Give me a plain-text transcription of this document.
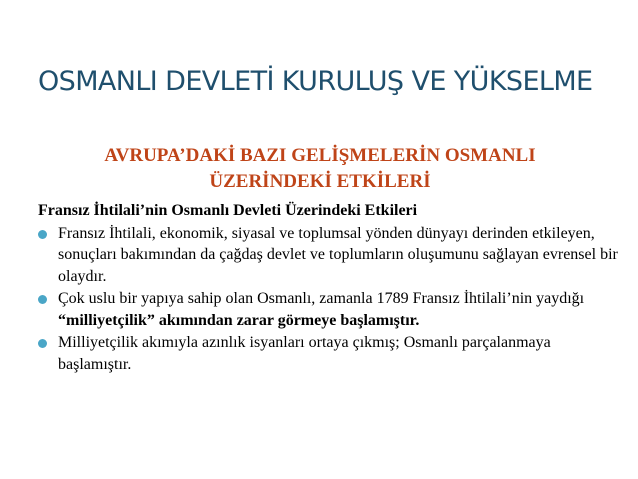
OSMANLI DEVLETİ KURULUŞ VE YÜKSELME
AVRUPA’DAKİ BAZI GELİŞMELERİN OSMANLI
ÜZERİNDEKİ ETKİLERİ

Fransız İhtilali’nin Osmanlı Devleti Üzerindeki Etkileri

Fransız İhtilali, ekonomik, siyasal ve toplumsal yönden dünyayı derinden etkileyen, sonuçları bakımından da çağdaş devlet ve toplumların oluşumunu sağlayan evrensel bir olaydır.
Çok uslu bir yapıya sahip olan Osmanlı, zamanla 1789 Fransız İhtilali’nin yaydığı “milliyetçilik” akımından zarar görmeye başlamıştır.
Milliyetçilik akımıyla azınlık isyanları ortaya çıkmış; Osmanlı parçalanmaya başlamıştır.
